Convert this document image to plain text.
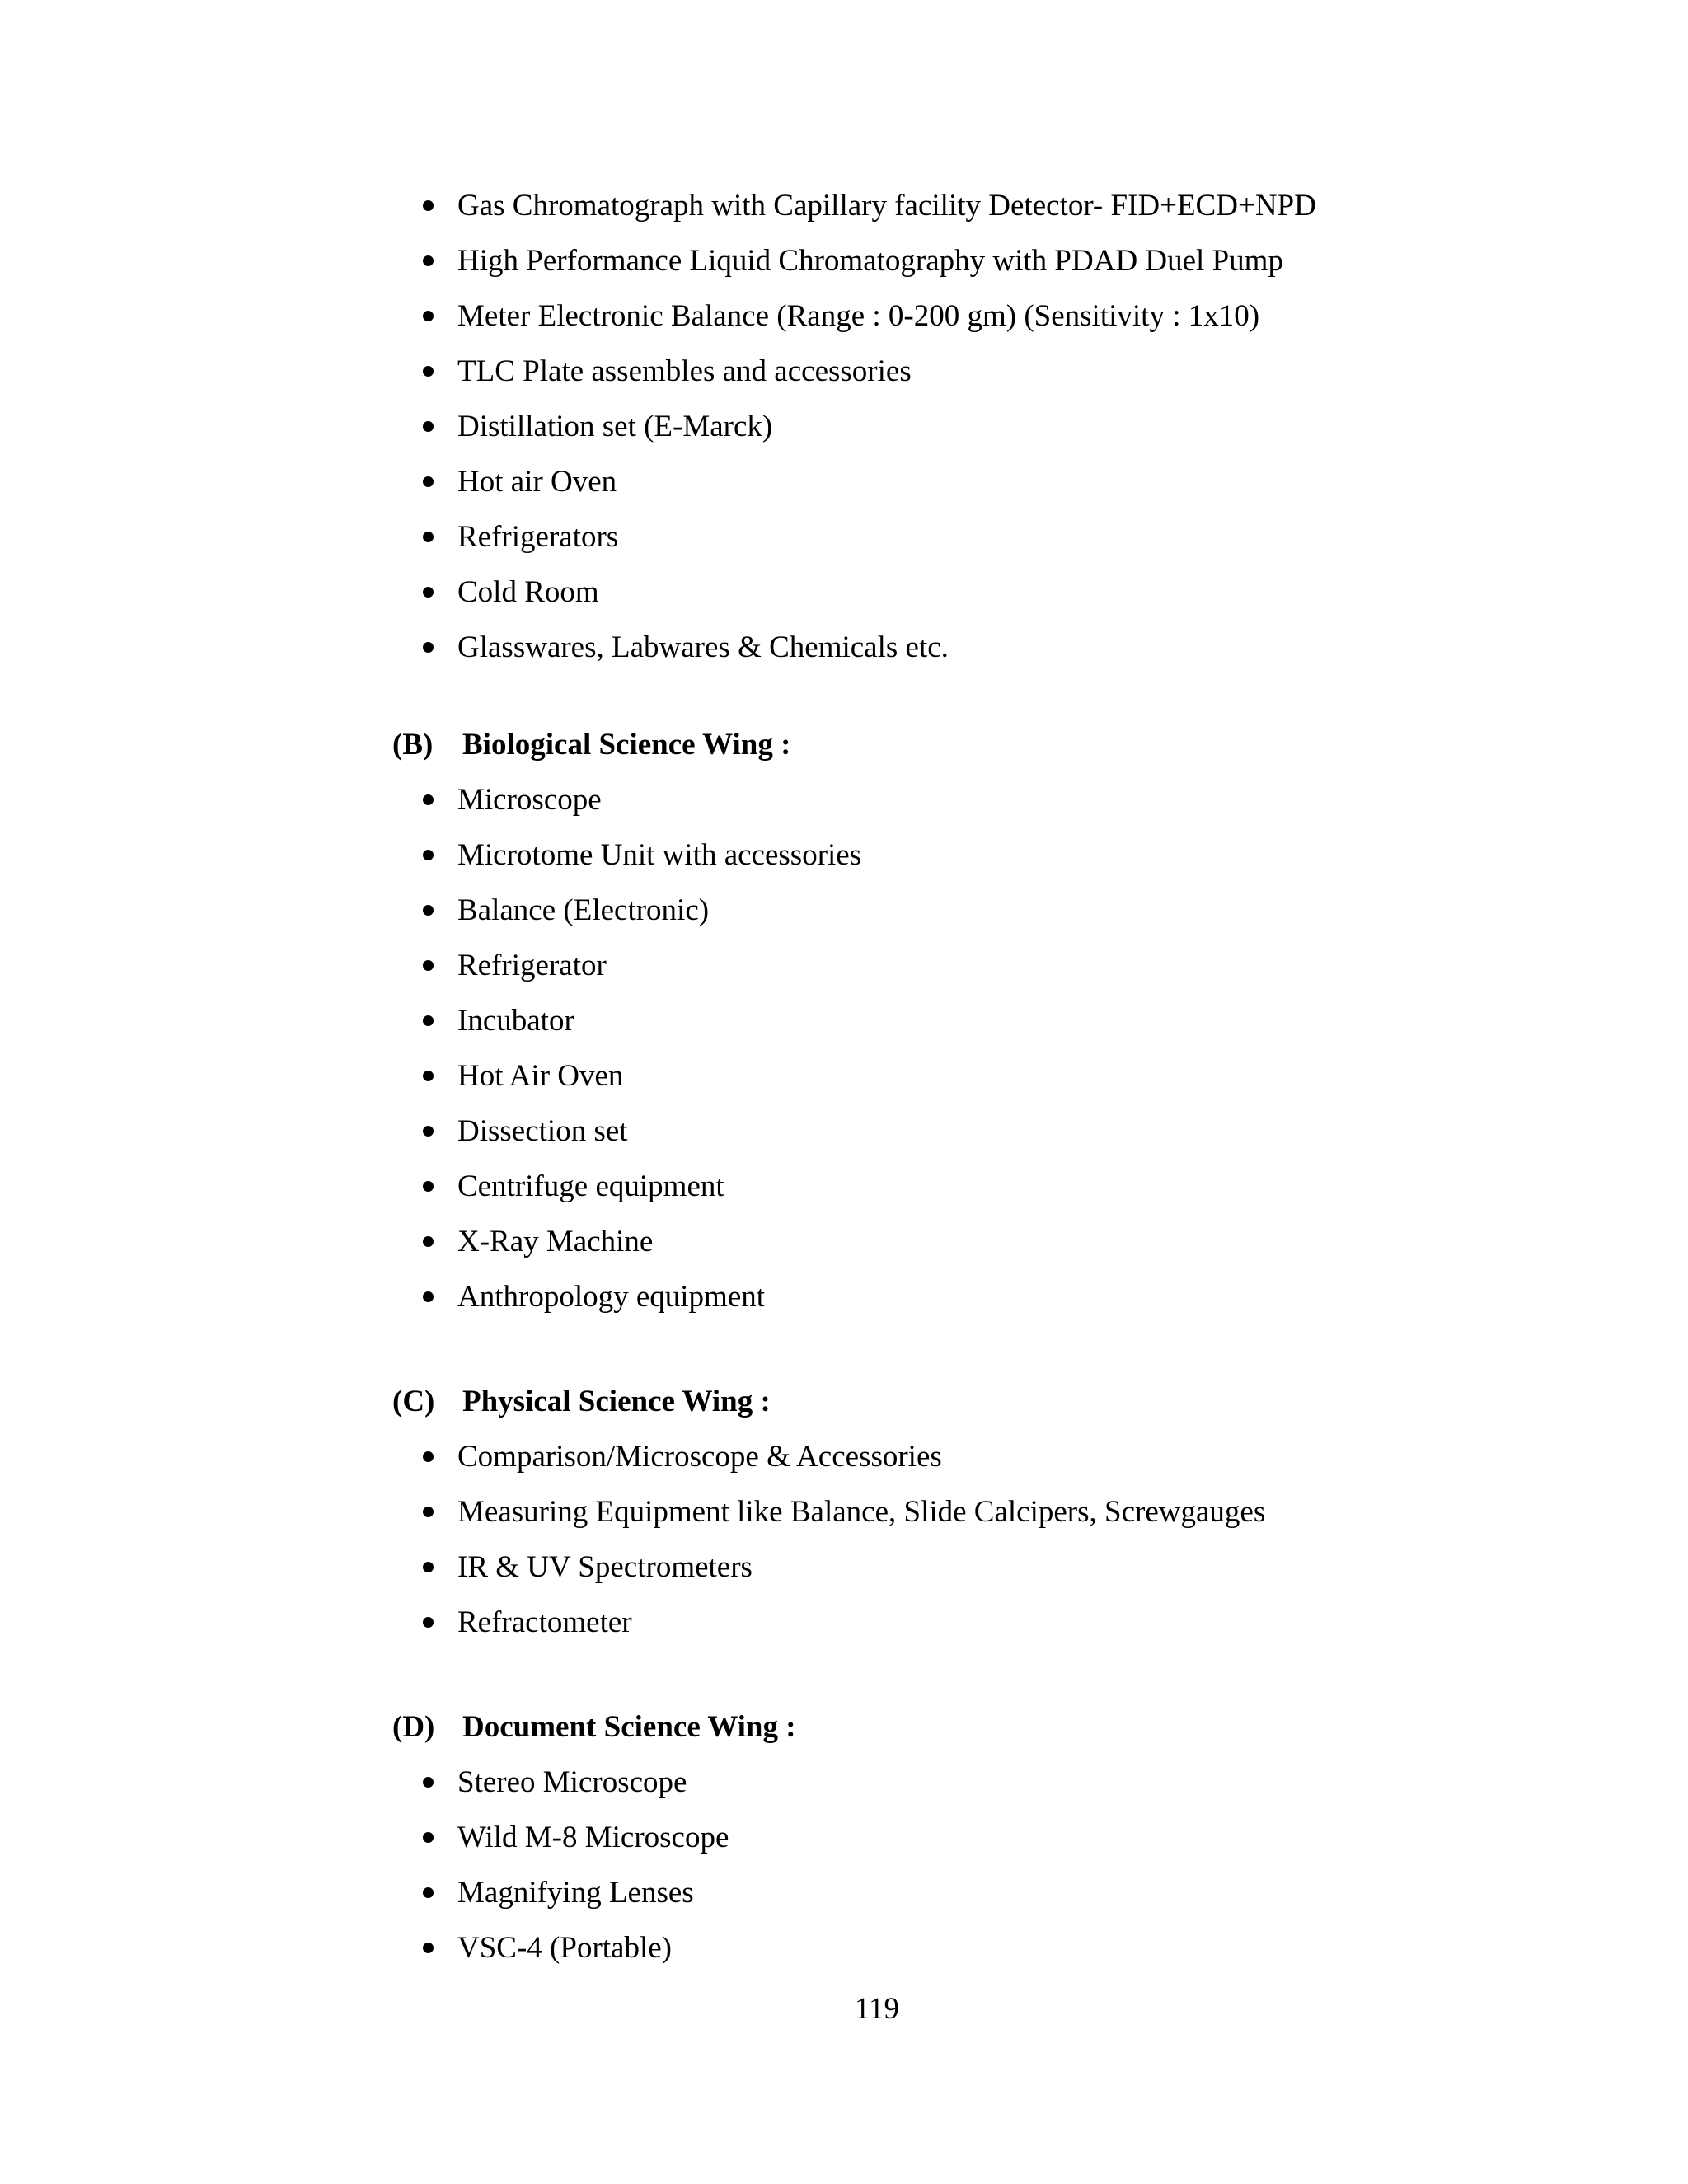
Gas Chromatograph with Capillary facility Detector- FID+ECD+NPD
High Performance Liquid Chromatography with PDAD Duel Pump
Meter Electronic Balance (Range : 0-200 gm) (Sensitivity : 1x10)
TLC Plate assembles and accessories
Distillation set (E-Marck)
Hot air Oven
Refrigerators
Cold Room
Glasswares, Labwares & Chemicals etc.
(B) Biological Science Wing :
Microscope
Microtome Unit with accessories
Balance (Electronic)
Refrigerator
Incubator
Hot Air Oven
Dissection set
Centrifuge equipment
X-Ray Machine
Anthropology equipment
(C) Physical Science Wing :
Comparison/Microscope & Accessories
Measuring Equipment like Balance, Slide Calcipers, Screwgauges
IR & UV Spectrometers
Refractometer
(D) Document Science Wing :
Stereo Microscope
Wild M-8 Microscope
Magnifying Lenses
VSC-4 (Portable)
119
